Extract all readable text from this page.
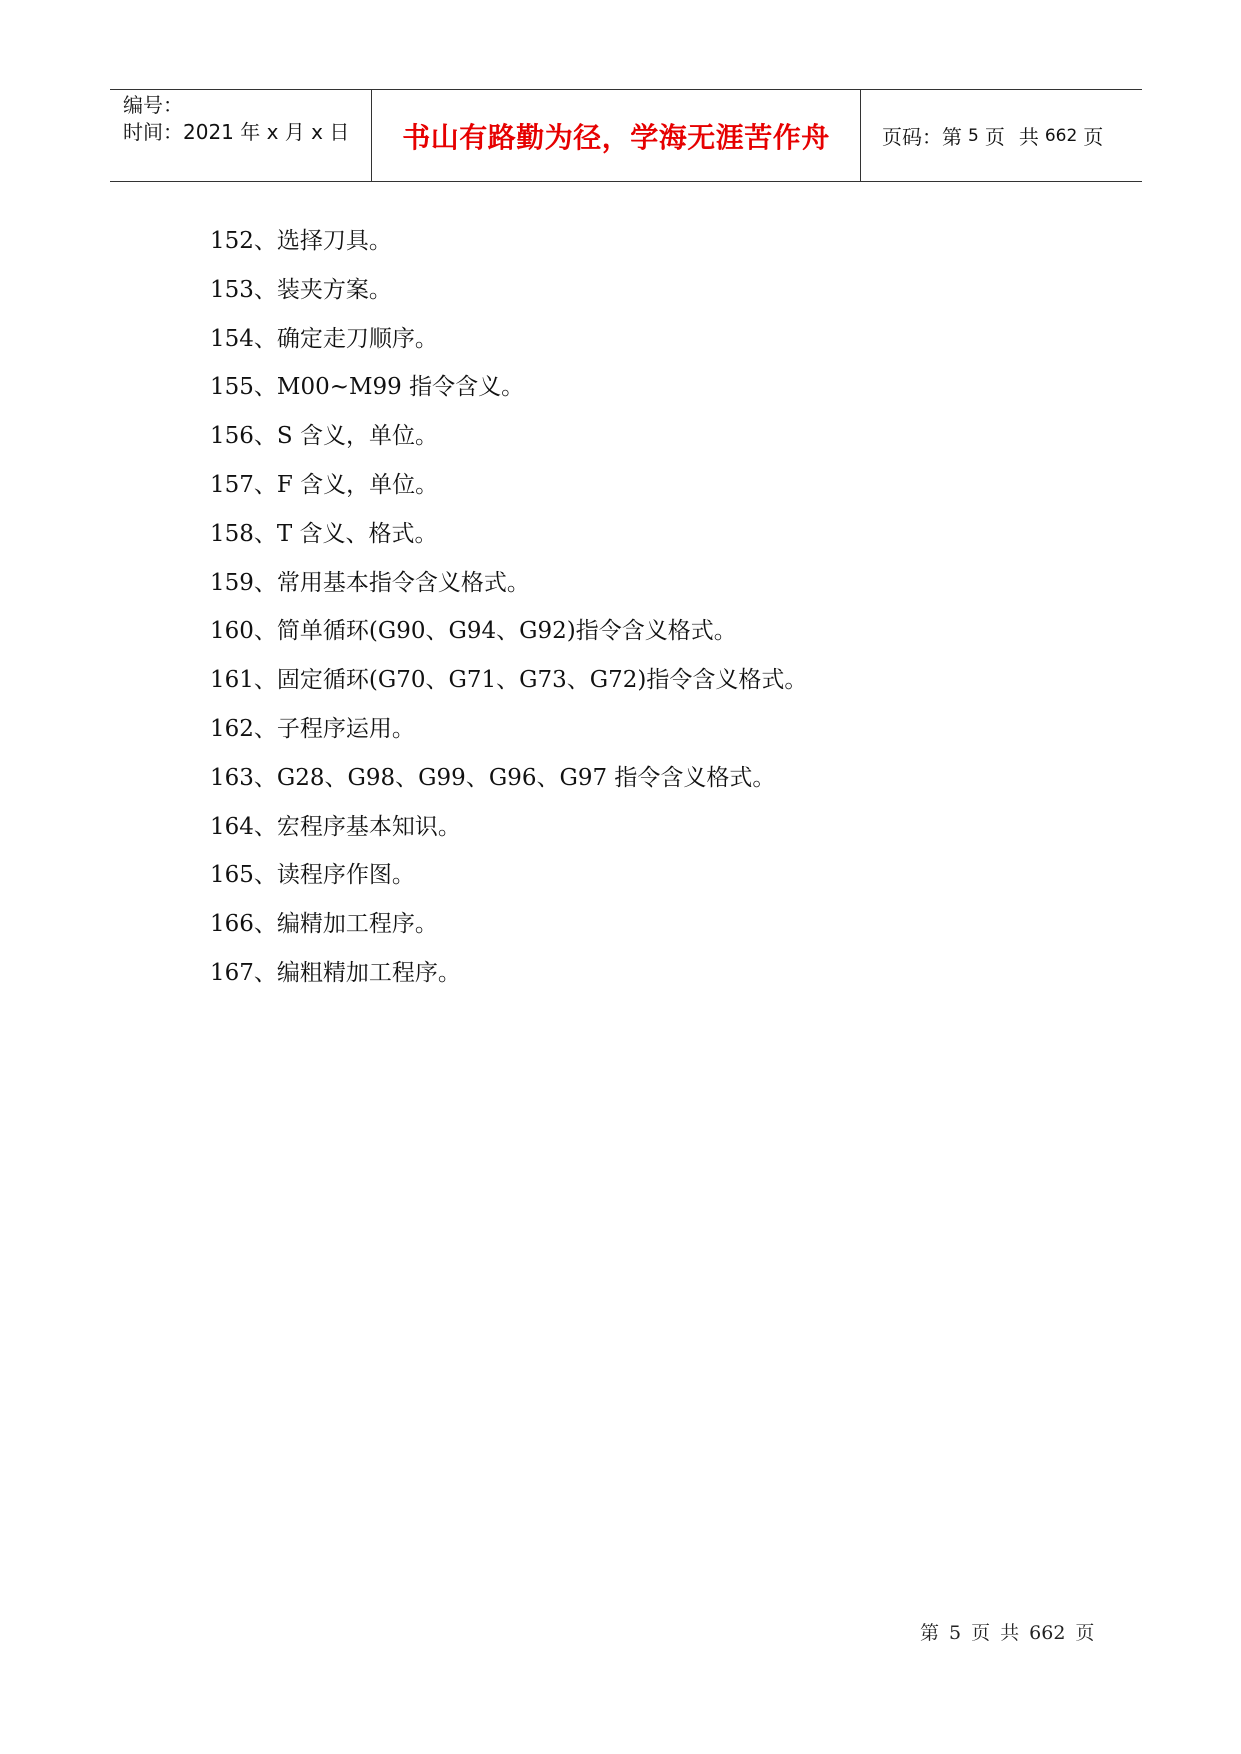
编号：
时间：2021 年 x 月 x 日	书山有路勤为径，学海无涯苦作舟	页码：第 5 页 共 662 页
152、选择刀具。
153、装夹方案。
154、确定走刀顺序。
155、M00~M99 指令含义。
156、S 含义，单位。
157、F 含义，单位。
158、T 含义、格式。
159、常用基本指令含义格式。
160、简单循环(G90、G94、G92)指令含义格式。
161、固定循环(G70、G71、G73、G72)指令含义格式。
162、子程序运用。
163、G28、G98、G99、G96、G97 指令含义格式。
164、宏程序基本知识。
165、读程序作图。
166、编精加工程序。
167、编粗精加工程序。
第 5 页 共 662 页
